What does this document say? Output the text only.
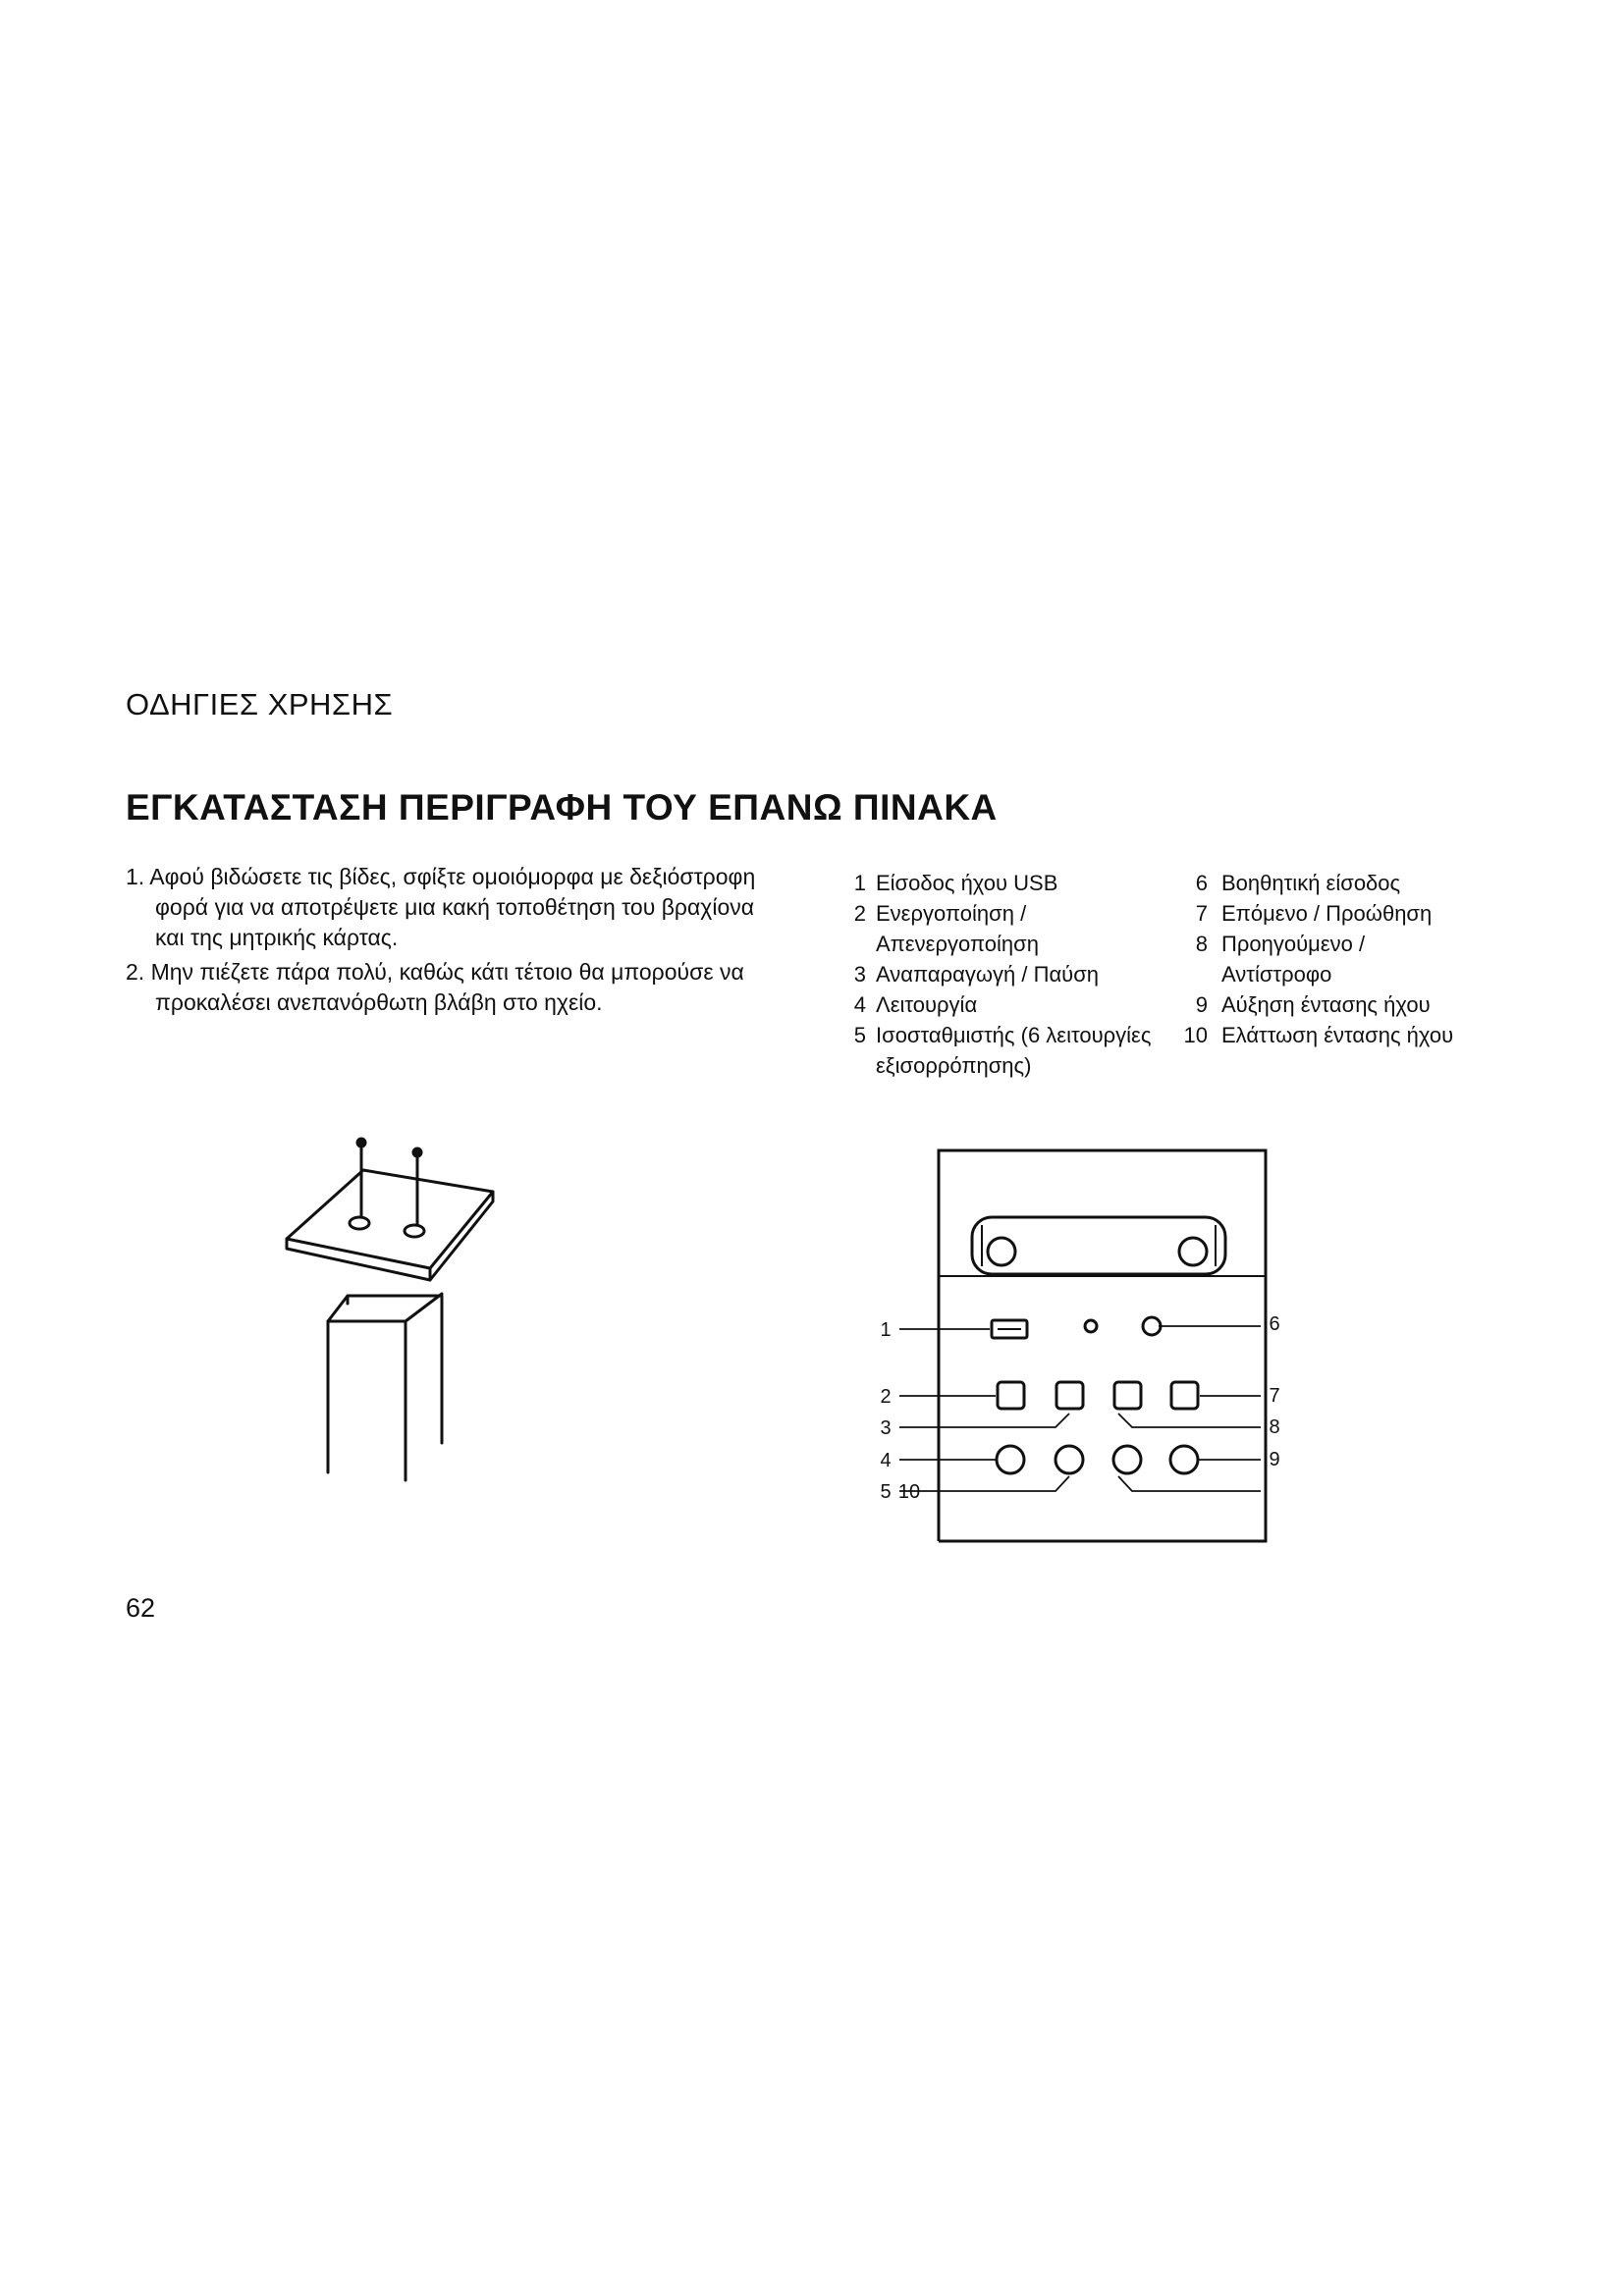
ΟΔΗΓΙΕΣ ΧΡΗΣΗΣ
ΕΓΚΑΤΑΣΤΑΣΗ ΠΕΡΙΓΡΑΦΗ ΤΟΥ ΕΠΑΝΩ ΠΙΝΑΚΑ
1. Αφού βιδώσετε τις βίδες, σφίξτε ομοιόμορφα με δεξιόστροφη
φορά για να αποτρέψετε μια κακή τοποθέτηση του βραχίονα
και της μητρικής κάρτας.
2. Μην πιέζετε πάρα πολύ, καθώς κάτι τέτοιο θα μπορούσε να
προκαλέσει ανεπανόρθωτη βλάβη στο ηχείο.
1 Είσοδος ήχου USB
2 Ενεργοποίηση /
Απενεργοποίηση
3 Αναπαραγωγή / Παύση
4 Λειτουργία
5 Ισοσταθμιστής (6 λειτουργίες
εξισορρόπησης)
6 Βοηθητική είσοδος
7 Επόμενο / Προώθηση
8 Προηγούμενο / Αντίστροφο
9 Αύξηση έντασης ήχου
10 Ελάττωση έντασης ήχου
1
2
3
4
5 10
6
7
8
9
62
